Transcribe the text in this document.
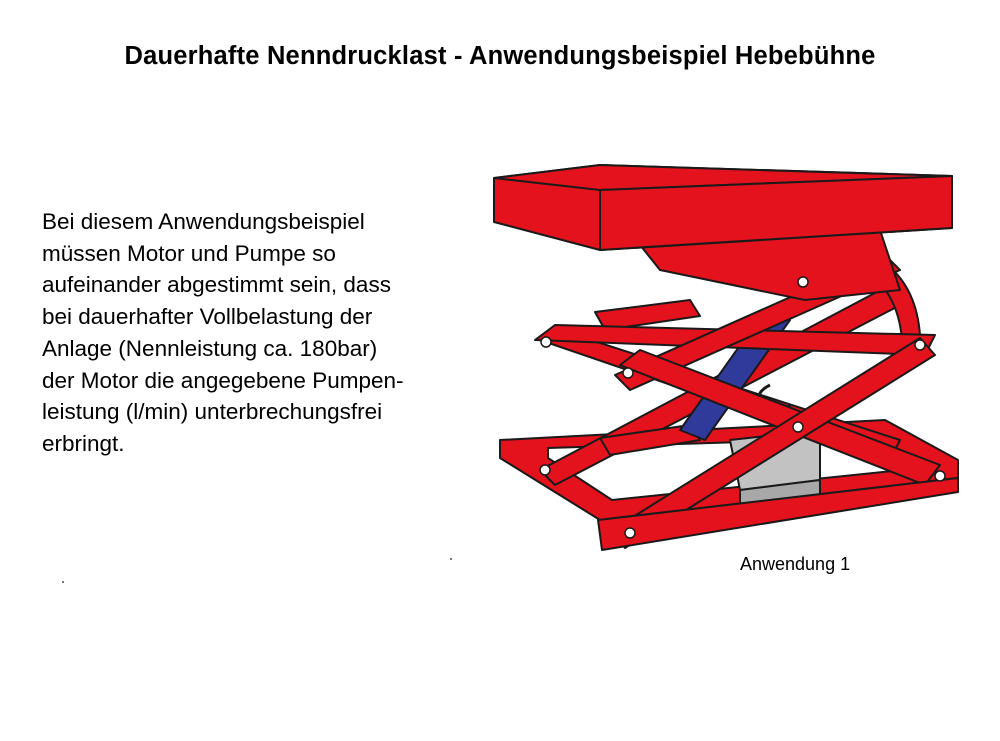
Dauerhafte Nenndrucklast - Anwendungsbeispiel Hebebühne
Bei diesem Anwendungsbeispiel
müssen Motor und Pumpe so
aufeinander abgestimmt sein, dass
bei dauerhafter Vollbelastung der
Anlage (Nennleistung ca. 180bar)
der Motor die angegebene Pumpen-
leistung (l/min) unterbrechungsfrei
erbringt.
Anwendung 1
